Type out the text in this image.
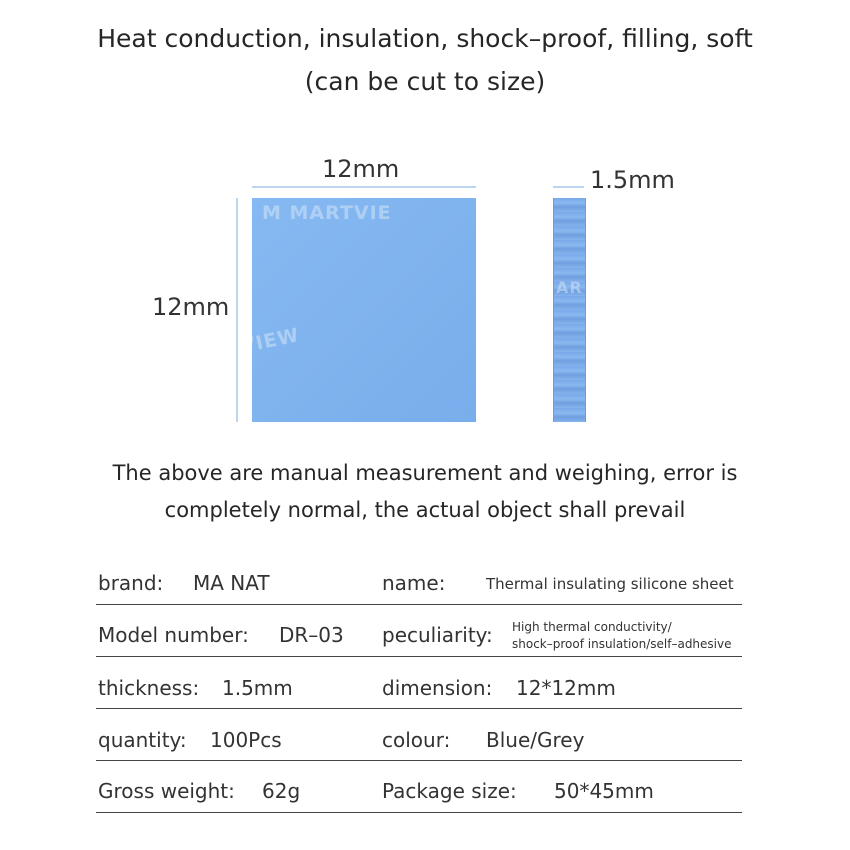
Heat conduction, insulation, shock–proof, filling, soft
(can be cut to size)
12mm
12mm
M MARTVIE
VIEW
1.5mm
AR
The above are manual measurement and weighing, error is
completely normal, the actual object shall prevail
brand: MA NAT	name:	Thermal insulating silicone sheet
Model number: DR–03 peculiarity: High thermal conductivity/
shock–proof insulation/self–adhesive
thickness: 1.5mm	dimension: 12*12mm
quantity: 100Pcs	colour: Blue/Grey
Gross weight: 62g	Package size: 50*45mm
